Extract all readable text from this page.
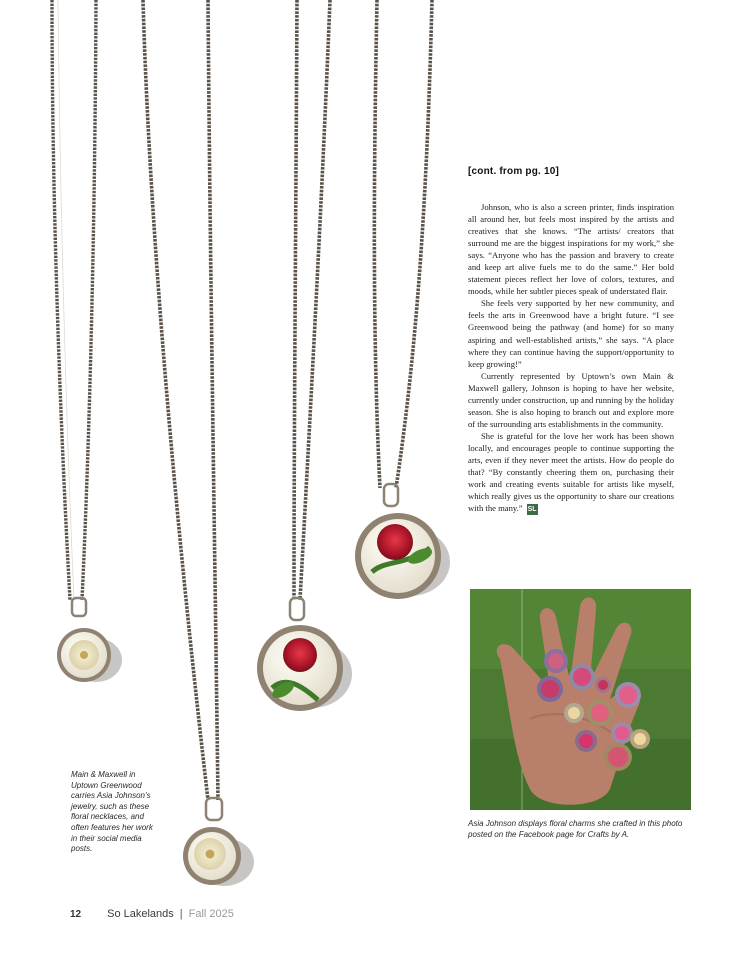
[cont. from pg. 10]

Johnson, who is also a screen printer, finds inspiration all around her, but feels most inspired by the artists and creatives that she knows. “The artists/ creators that surround me are the biggest inspirations for my work,” she says. “Anyone who has the passion and bravery to create and keep art alive fuels me to do the same.” Her bold statement pieces reflect her love of colors, textures, and moods, while her subtler pieces speak of understated flair.

She feels very supported by her new community, and feels the arts in Greenwood have a bright future. “I see Greenwood being the pathway (and home) for so many aspiring and well-established artists,” she says. “A place where they can continue having the support/opportunity to keep growing!”

Currently represented by Uptown’s own Main & Maxwell gallery, Johnson is hoping to have her website, currently under construction, up and running by the holiday season. She is also hoping to branch out and explore more of the surrounding arts establishments in the community.

She is grateful for the love her work has been shown locally, and encourages people to continue supporting the arts, even if they never meet the artists. How do people do that? “By constantly cheering them on, purchasing their work and creating events suitable for artists like myself, which really gives us the opportunity to share our creations with the many.” SL

Main & Maxwell in Uptown Greenwood carries Asia Johnson’s jewelry, such as these floral necklaces, and often features her work in their social media posts.
Asia Johnson displays floral charms she crafted in this photo posted on the Facebook page for Crafts by A.
12 So Lakelands | Fall 2025
